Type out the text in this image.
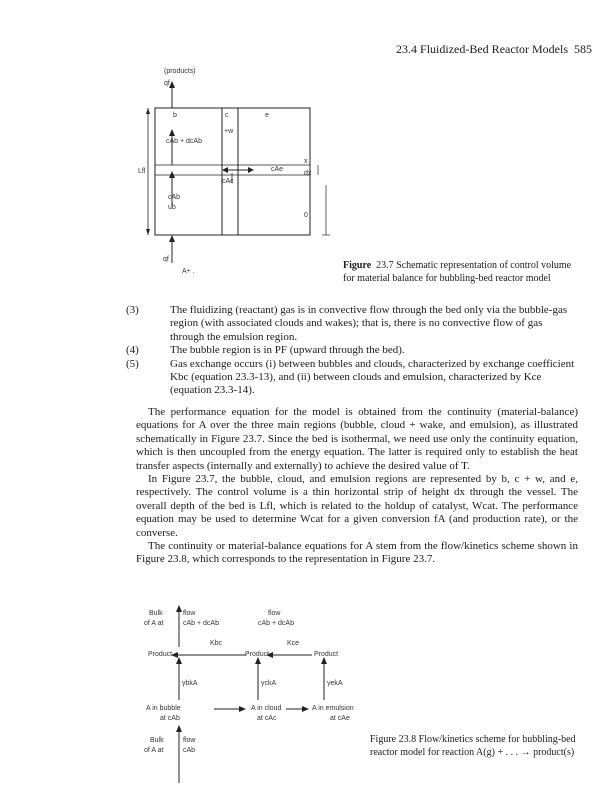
23.4 Fluidized-Bed Reactor Models 585
(products)
qf
b	c	e
+w
cAb + dcAb
Lfl
cAc
cAe
dx
x
cAb
ub
0
qf
A+ .
Figure 23.7 Schematic representation of control volume for material balance for bubbling-bed reactor model

(3)	The fluidizing (reactant) gas is in convective flow through the bed only via the bubble-gas region (with associated clouds and wakes); that is, there is no convective flow of gas through the emulsion region.

(4)	The bubble region is in PF (upward through the bed).

(5)	Gas exchange occurs (i) between bubbles and clouds, characterized by exchange coefficient Kbc (equation 23.3-13), and (ii) between clouds and emulsion, characterized by Kce (equation 23.3-14).

The performance equation for the model is obtained from the continuity (material-balance) equations for A over the three main regions (bubble, cloud + wake, and emulsion), as illustrated schematically in Figure 23.7. Since the bed is isothermal, we need use only the continuity equation, which is then uncoupled from the energy equation. The latter is required only to establish the heat transfer aspects (internally and externally) to achieve the desired value of T.

In Figure 23.7, the bubble, cloud, and emulsion regions are represented by b, c + w, and e, respectively. The control volume is a thin horizontal strip of height dx through the vessel. The overall depth of the bed is Lfl, which is related to the holdup of catalyst, Wcat. The performance equation may be used to determine Wcat for a given conversion fA (and production rate), or the converse.

The continuity or material-balance equations for A stem from the flow/kinetics scheme shown in Figure 23.8, which corresponds to the representation in Figure 23.7.

Bulk
of A at
flow
cAb + dcAb
flow
cAb + dcAb
Kbc	Kce
Product	Product	Product
γbkA	γckA	γekA
A in bubble
at cAb
A in cloud
at cAc
A in emulsion
at cAe
Bulk
of A at
flow
cAb
Figure 23.8 Flow/kinetics scheme for bubbling-bed reactor model for reaction A(g) + . . . → product(s)
